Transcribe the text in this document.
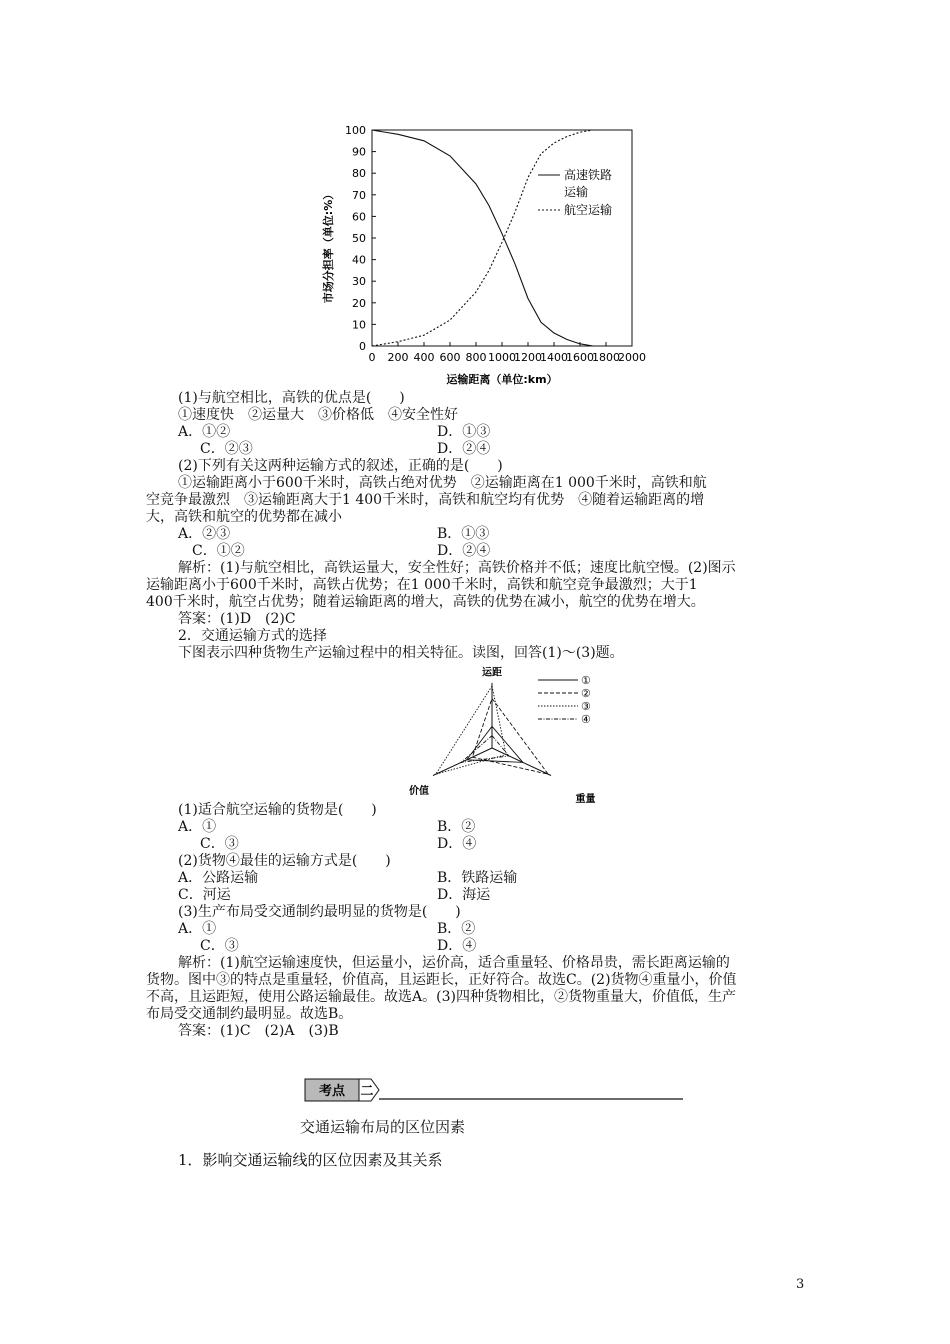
0
10
20
30
40
50
60
70
80
90
100
0 200 400 600 800 1000
1200
1400
1600
1800
2000
运输距离（单位:km）
市场分担率（单位:%）
高速铁路
运输
航空运输
(1)与航空相比，高铁的优点是(　　)
①速度快　②运量大　③价格低　④安全性好
A．①②	D．①③
C．②③	D．②④
(2)下列有关这两种运输方式的叙述，正确的是(　　)
①运输距离小于600千米时，高铁占绝对优势　②运输距离在1 000千米时，高铁和航
空竞争最激烈　③运输距离大于1 400千米时，高铁和航空均有优势　④随着运输距离的增
大，高铁和航空的优势都在减小
A．②③	B．①③
C．①②	D．②④
解析：(1)与航空相比，高铁运量大，安全性好；高铁价格并不低；速度比航空慢。(2)图示
运输距离小于600千米时，高铁占优势；在1 000千米时，高铁和航空竞争最激烈；大于1
400千米时，航空占优势；随着运输距离的增大，高铁的优势在减小，航空的优势在增大。
答案：(1)D　(2)C
2．交通运输方式的选择
下图表示四种货物生产运输过程中的相关特征。读图，回答(1)～(3)题。
运距
重量
价值
①
②
③
④
(1)适合航空运输的货物是(　　)
A．①	B．②
C．③	D．④
(2)货物④最佳的运输方式是(　　)
A．公路运输	B．铁路运输
C．河运	D．海运
(3)生产布局受交通制约最明显的货物是(　　)
A．①	B．②
C．③	D．④
解析：(1)航空运输速度快，但运量小，运价高，适合重量轻、价格昂贵，需长距离运输的
货物。图中③的特点是重量轻，价值高，且运距长，正好符合。故选C。(2)货物④重量小，价值
不高，且运距短，使用公路运输最佳。故选A。(3)四种货物相比，②货物重量大，价值低，生产
布局受交通制约最明显。故选B。
答案：(1)C　(2)A　(3)B
考点 二
交通运输布局的区位因素
1．影响交通运输线的区位因素及其关系
3
